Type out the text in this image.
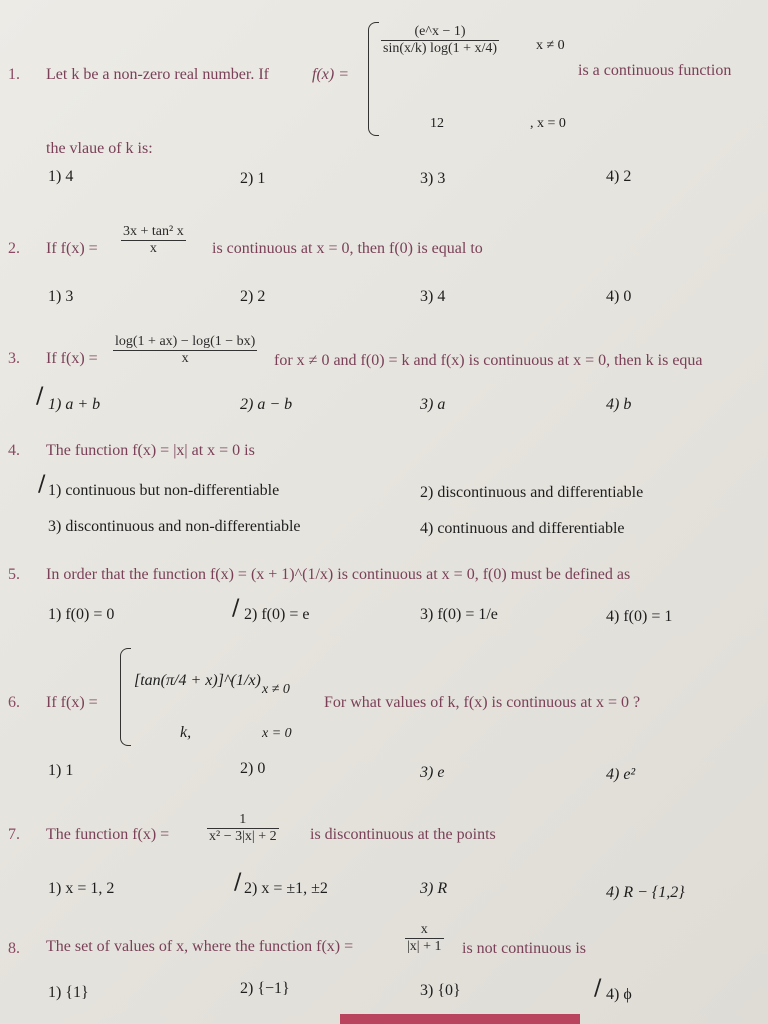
1. Let k be a non-zero real number. If	f(x) =
$\frac{(e\^{}x - 1)}{\sin(x/k) \log(1 + x/4)}$	x ≠ 0
12	, x = 0
is a continuous function
the vlaue of k is:
1) 4	2) 1	3) 3	4) 2
2. If $f(x) = \frac{\text{3x + tan² x}}{x}$ is continuous at x = 0, then f(0) is equal to
1) 3	2) 2	3) 4	4) 0
3. If $f(x) = \frac{\log(1 + ax) - \log(1 - bx)}{x}$ for x ≠ 0 and f(0) = k and f(x) is continuous at x = 0, then k is equa
1) a + b
/	2) a − b	3) a	4) b
4. The function f(x) = |x| at x = 0 is
1) continuous but non-differentiable
/	2) discontinuous and differentiable
3) discontinuous and non-differentiable	4) continuous and differentiable
5. In order that the function f(x) = (x + 1)^(1/x) is continuous at x = 0, f(0) must be defined as
1) f(0) = 0	2) f(0) = e
/	3) f(0) = 1/e	4) f(0) = 1
6. If f(x) =
[tan(π/4 + x)]^(1/x)
x ≠ 0
k,	x = 0
For what values of k, f(x) is continuous at x = 0 ?
1) 1	2) 0	3) e	4) e²
7. The function f(x) =	$\frac{1}{\text{x² − 3|x| + 2}}$ is discontinuous at the points
1) x = 1, 2	2) x = ±1, ±2
/	3) R	4) R − {1,2}
8. The set of values of x, where the function f(x) =	$\frac{x}{|x| + 1}$ is not continuous is
1) {1}	2) {−1}	3) {0}	4) ϕ
/
